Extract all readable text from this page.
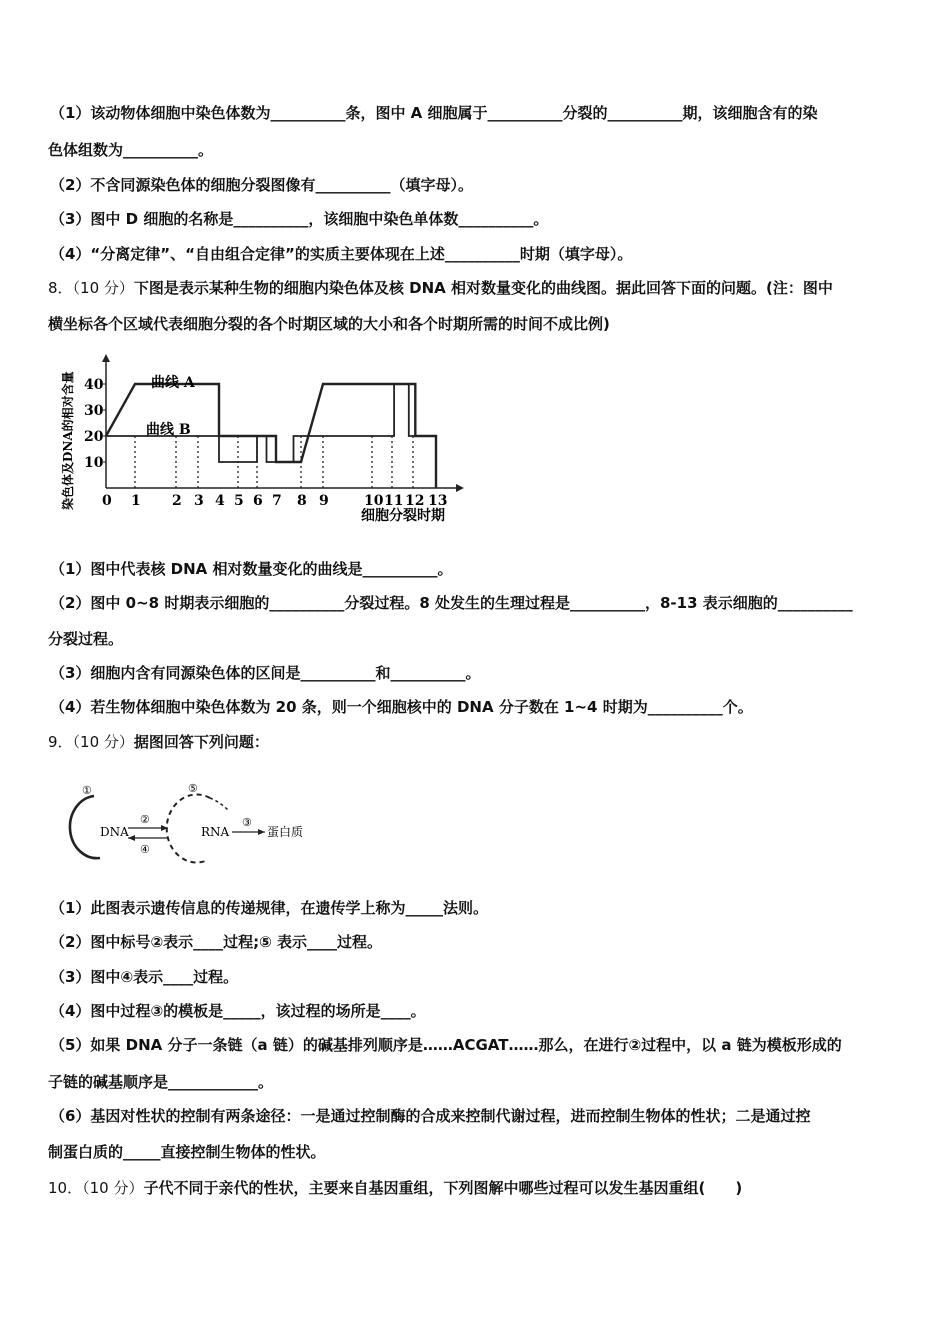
（1）该动物体细胞中染色体数为__________条，图中 A 细胞属于__________分裂的__________期，该细胞含有的染
色体组数为__________。
（2）不含同源染色体的细胞分裂图像有__________（填字母）。
（3）图中 D 细胞的名称是__________，该细胞中染色单体数__________。
（4）“分离定律”、“自由组合定律”的实质主要体现在上述__________时期（填字母）。
8．（10 分）下图是表示某种生物的细胞内染色体及核 DNA 相对数量变化的曲线图。据此回答下面的问题。(注：图中
横坐标各个区域代表细胞分裂的各个时期区域的大小和各个时期所需的时间不成比例)
10
20
30
40
0 1 2 3 4 5 6 7 8 9	10 11 12 13
曲线 A
曲线 B
细胞分裂时期
染色体及DNA的相对含量
（1）图中代表核 DNA 相对数量变化的曲线是__________。
（2）图中 0~8 时期表示细胞的__________分裂过程。8 处发生的生理过程是__________，8-13 表示细胞的__________
分裂过程。
（3）细胞内含有同源染色体的区间是__________和__________。
（4）若生物体细胞中染色体数为 20 条，则一个细胞核中的 DNA 分子数在 1~4 时期为__________个。
9．（10 分）据图回答下列问题：
①
DNA
②
④
⑤
RNA
③
蛋白质
（1）此图表示遗传信息的传递规律，在遗传学上称为_____法则。
（2）图中标号②表示____过程;⑤ 表示____过程。
（3）图中④表示____过程。
（4）图中过程③的模板是_____，该过程的场所是____。
（5）如果 DNA 分子一条链（a 链）的碱基排列顺序是……ACGAT……那么，在进行②过程中，以 a 链为模板形成的
子链的碱基顺序是____________。
（6）基因对性状的控制有两条途径：一是通过控制酶的合成来控制代谢过程，进而控制生物体的性状；二是通过控
制蛋白质的_____直接控制生物体的性状。
10．（10 分）子代不同于亲代的性状，主要来自基因重组，下列图解中哪些过程可以发生基因重组(　　)
